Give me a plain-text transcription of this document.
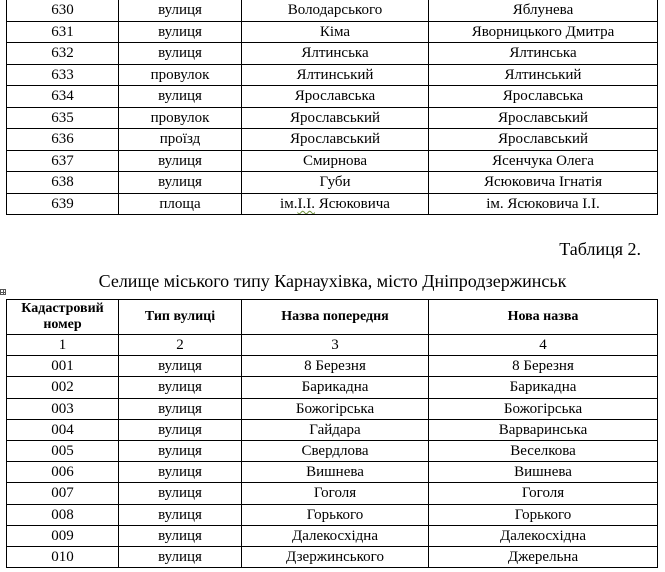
630	вулиця	Володарського	Яблунева
631	вулиця	Кіма	Яворницького Дмитра
632	вулиця	Ялтинська	Ялтинська
633	провулок	Ялтинський	Ялтинський
634	вулиця	Ярославська	Ярославська
635	провулок	Ярославський	Ярославський
636	проїзд	Ярославський	Ярославський
637	вулиця	Смирнова	Ясенчука Олега
638	вулиця	Губи	Ясюковича Ігнатія
639	площа	ім.І.І. Ясюковича	ім. Ясюковича І.І.
Таблиця 2.
Селище міського типу Карнаухівка, місто Дніпродзержинськ
Кадастровий
номер	Тип вулиці	Назва попередня	Нова назва
1	2	3	4
001	вулиця	8 Березня	8 Березня
002	вулиця	Барикадна	Барикадна
003	вулиця	Божогірська	Божогірська
004	вулиця	Гайдара	Варваринська
005	вулиця	Свердлова	Веселкова
006	вулиця	Вишнева	Вишнева
007	вулиця	Гоголя	Гоголя
008	вулиця	Горького	Горького
009	вулиця	Далекосхідна	Далекосхідна
010	вулиця	Дзержинського	Джерельна
